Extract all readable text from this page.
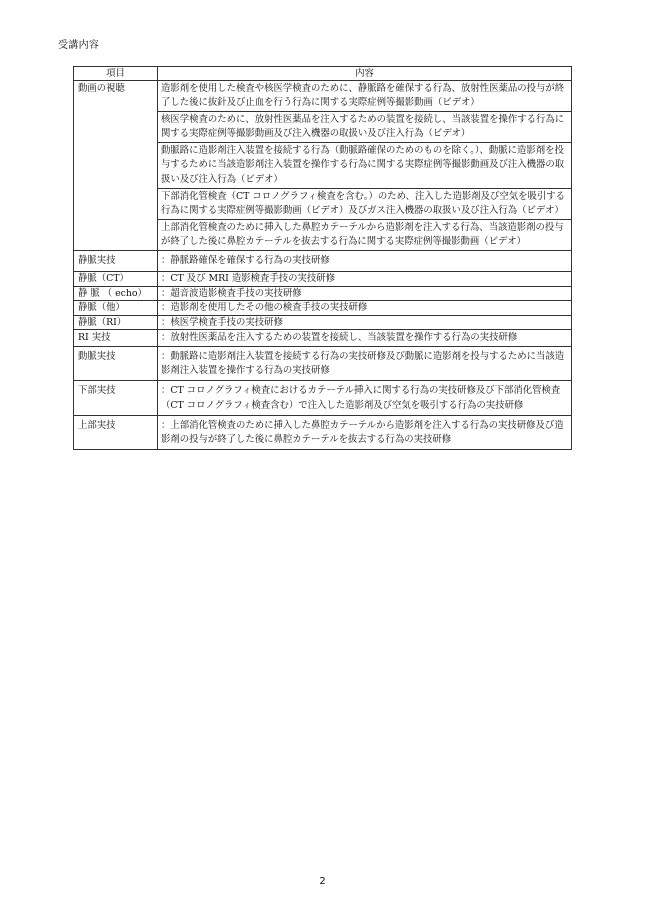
受講内容
項目	内容
動画の視聴	造影剤を使用した検査や核医学検査のために、静脈路を確保する行為、放射性医薬品の投与が終了した後に抜針及び止血を行う行為に関する実際症例等撮影動画（ビデオ）
	核医学検査のために、放射性医薬品を注入するための装置を接続し、当該装置を操作する行為に関する実際症例等撮影動画及び注入機器の取扱い及び注入行為（ビデオ）
	動脈路に造影剤注入装置を接続する行為（動脈路確保のためのものを除く。）、動脈に造影剤を投与するために当該造影剤注入装置を操作する行為に関する実際症例等撮影動画及び注入機器の取扱い及び注入行為（ビデオ）
	下部消化管検査（CT コロノグラフィ検査を含む。）のため、注入した造影剤及び空気を吸引する行為に関する実際症例等撮影動画（ビデオ）及びガス注入機器の取扱い及び注入行為（ビデオ）
	上部消化管検査のために挿入した鼻腔カテーテルから造影剤を注入する行為、当該造影剤の投与が終了した後に鼻腔カテーテルを抜去する行為に関する実際症例等撮影動画（ビデオ）
静脈実技	：静脈路確保を確保する行為の実技研修
静脈（CT）	：CT 及び MRI 造影検査手技の実技研修
静 脈 （ echo）	：超音波造影検査手技の実技研修
静脈（他）	：造影剤を使用したその他の検査手技の実技研修
静脈（RI）	：核医学検査手技の実技研修
RI 実技	：放射性医薬品を注入するための装置を接続し、当該装置を操作する行為の実技研修
動脈実技	：動脈路に造影剤注入装置を接続する行為の実技研修及び動脈に造影剤を投与するために当該造影剤注入装置を操作する行為の実技研修
下部実技	：CT コロノグラフィ検査におけるカテーテル挿入に関する行為の実技研修及び下部消化管検査（CT コロノグラフィ検査含む）で注入した造影剤及び空気を吸引する行為の実技研修
上部実技	：上部消化管検査のために挿入した鼻腔カテーテルから造影剤を注入する行為の実技研修及び造影剤の投与が終了した後に鼻腔カテーテルを抜去する行為の実技研修
2
